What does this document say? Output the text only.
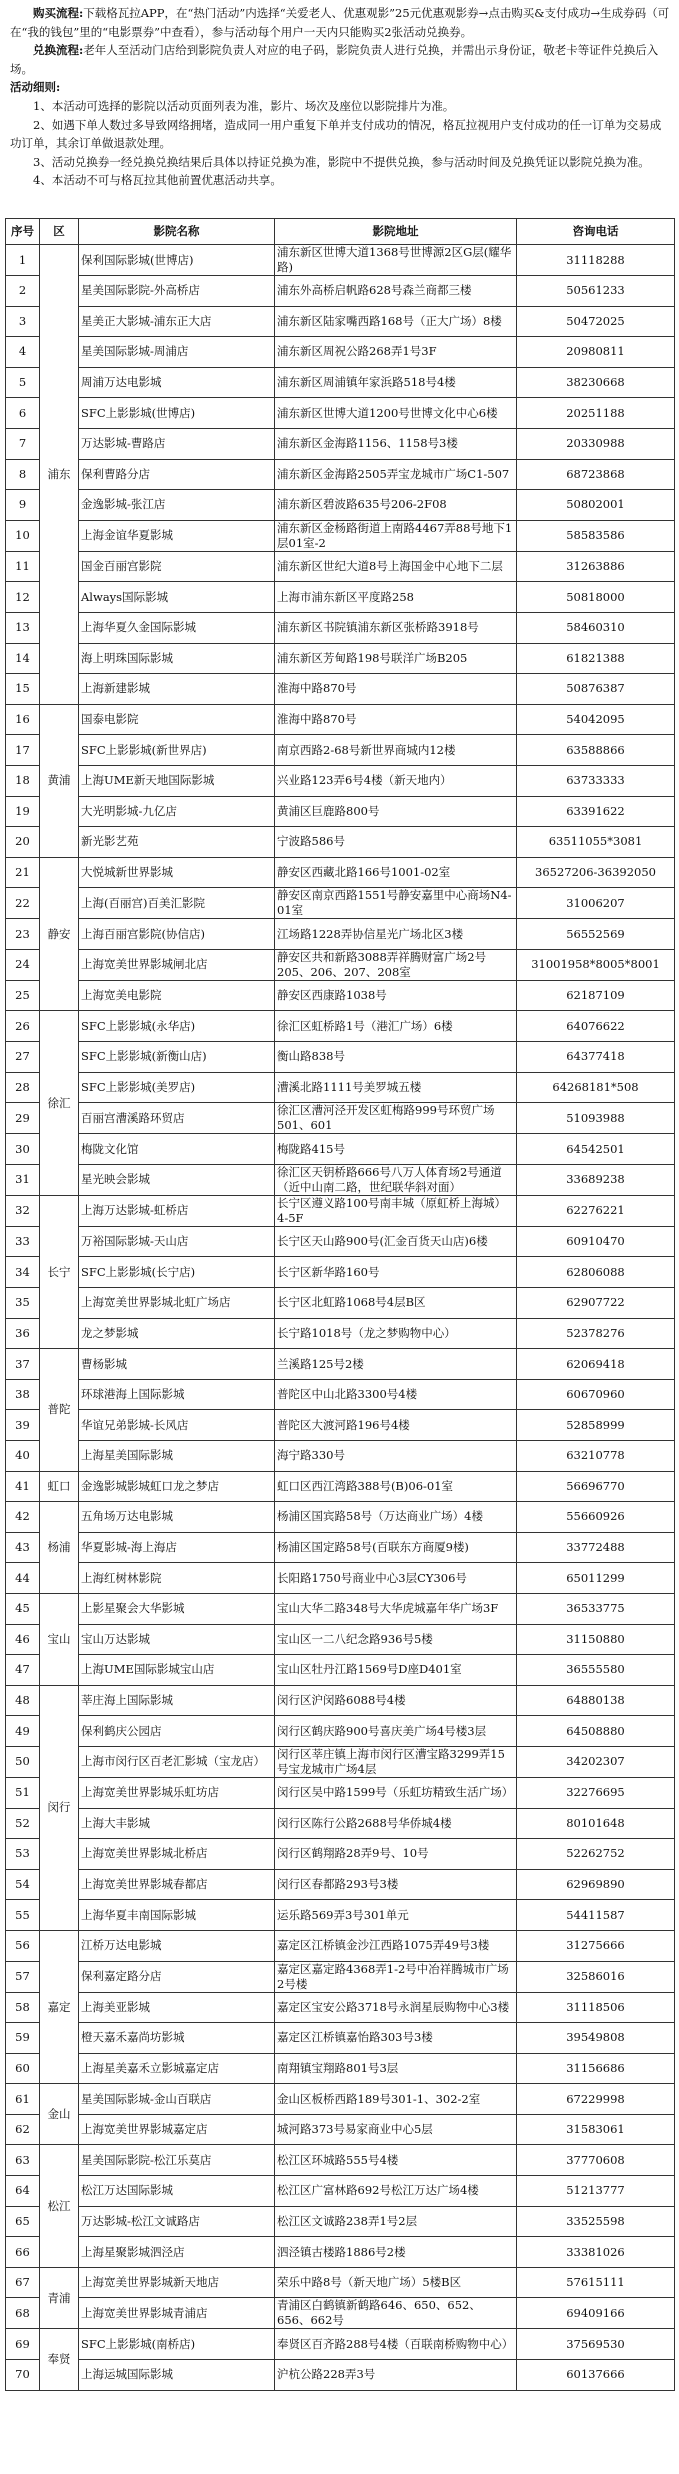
购买流程:下载格瓦拉APP，在“热门活动”内选择“关爱老人、优惠观影”25元优惠观影券→点击购买&支付成功→生成券码（可在“我的钱包”里的“电影票券”中查看），参与活动每个用户一天内只能购买2张活动兑换券。

兑换流程:老年人至活动门店给到影院负责人对应的电子码，影院负责人进行兑换，并需出示身份证，敬老卡等证件兑换后入场。

活动细则:

1、本活动可选择的影院以活动页面列表为准，影片、场次及座位以影院排片为准。

2、如遇下单人数过多导致网络拥堵，造成同一用户重复下单并支付成功的情况，格瓦拉视用户支付成功的任一订单为交易成功订单，其余订单做退款处理。

3、活动兑换券一经兑换兑换结果后具体以持证兑换为准，影院中不提供兑换，参与活动时间及兑换凭证以影院兑换为准。

4、本活动不可与格瓦拉其他前置优惠活动共享。

序号	区	影院名称	影院地址	咨询电话
1	浦东	保利国际影城(世博店)	浦东新区世博大道1368号世博源2区G层(耀华路)	31118288
2		星美国际影院-外高桥店	浦东外高桥启帆路628号森兰商都三楼	50561233
3		星美正大影城-浦东正大店	浦东新区陆家嘴西路168号（正大广场）8楼	50472025
4		星美国际影城-周浦店	浦东新区周祝公路268弄1号3F	20980811
5		周浦万达电影城	浦东新区周浦镇年家浜路518号4楼	38230668
6		SFC上影影城(世博店)	浦东新区世博大道1200号世博文化中心6楼	20251188
7		万达影城-曹路店	浦东新区金海路1156、1158号3楼	20330988
8		保利曹路分店	浦东新区金海路2505弄宝龙城市广场C1-507	68723868
9		金逸影城-张江店	浦东新区碧波路635号206-2F08	50802001
10		上海金谊华夏影城	浦东新区金杨路街道上南路4467弄88号地下1层01室-2	58583586
11		国金百丽宫影院	浦东新区世纪大道8号上海国金中心地下二层	31263886
12		Always国际影城	上海市浦东新区平度路258	50818000
13		上海华夏久金国际影城	浦东新区书院镇浦东新区张桥路3918号	58460310
14		海上明珠国际影城	浦东新区芳甸路198号联洋广场B205	61821388
15		上海新建影城	淮海中路870号	50876387
16	黄浦	国泰电影院	淮海中路870号	54042095
17		SFC上影影城(新世界店)	南京西路2-68号新世界商城内12楼	63588866
18		上海UME新天地国际影城	兴业路123弄6号4楼（新天地内）	63733333
19		大光明影城-九亿店	黄浦区巨鹿路800号	63391622
20		新光影艺苑	宁波路586号	63511055*3081
21	静安	大悦城新世界影城	静安区西藏北路166号1001-02室	36527206-36392050
22		上海(百丽宫)百美汇影院	静安区南京西路1551号静安嘉里中心商场N4-01室	31006207
23		上海百丽宫影院(协信店)	江场路1228弄协信星光广场北区3楼	56552569
24		上海宽美世界影城闸北店	静安区共和新路3088弄祥腾财富广场2号205、206、207、208室	31001958*8005*8001
25		上海宽美电影院	静安区西康路1038号	62187109
26	徐汇	SFC上影影城(永华店)	徐汇区虹桥路1号（港汇广场）6楼	64076622
27		SFC上影影城(新衡山店)	衡山路838号	64377418
28		SFC上影影城(美罗店)	漕溪北路1111号美罗城五楼	64268181*508
29		百丽宫漕溪路环贸店	徐汇区漕河泾开发区虹梅路999号环贸广场501、601	51093988
30		梅陇文化馆	梅陇路415号	64542501
31		星光映会影城	徐汇区天钥桥路666号八万人体育场2号通道（近中山南二路，世纪联华斜对面）	33689238
32	长宁	上海万达影城-虹桥店	长宁区遵义路100号南丰城（原虹桥上海城）4-5F	62276221
33		万裕国际影城-天山店	长宁区天山路900号(汇金百货天山店)6楼	60910470
34		SFC上影影城(长宁店)	长宁区新华路160号	62806088
35		上海宽美世界影城北虹广场店	长宁区北虹路1068号4层B区	62907722
36		龙之梦影城	长宁路1018号（龙之梦购物中心）	52378276
37	普陀	曹杨影城	兰溪路125号2楼	62069418
38		环球港海上国际影城	普陀区中山北路3300号4楼	60670960
39		华谊兄弟影城-长风店	普陀区大渡河路196号4楼	52858999
40		上海星美国际影城	海宁路330号	63210778
41	虹口	金逸影城影城虹口龙之梦店	虹口区西江湾路388号(B)06-01室	56696770
42	杨浦	五角场万达电影城	杨浦区国宾路58号（万达商业广场）4楼	55660926
43		华夏影城-海上海店	杨浦区国定路58号(百联东方商厦9楼)	33772488
44		上海红树林影院	长阳路1750号商业中心3层CY306号	65011299
45	宝山	上影星聚会大华影城	宝山大华二路348号大华虎城嘉年华广场3F	36533775
46		宝山万达影城	宝山区一二八纪念路936号5楼	31150880
47		上海UME国际影城宝山店	宝山区牡丹江路1569号D座D401室	36555580
48	闵行	莘庄海上国际影城	闵行区沪闵路6088号4楼	64880138
49		保利鹤庆公园店	闵行区鹤庆路900号喜庆美广场4号楼3层	64508880
50		上海市闵行区百老汇影城（宝龙店）	闵行区莘庄镇上海市闵行区漕宝路3299弄15号宝龙城市广场4层	34202307
51		上海宽美世界影城乐虹坊店	闵行区吴中路1599号（乐虹坊精致生活广场）	32276695
52		上海大丰影城	闵行区陈行公路2688号华侨城4楼	80101648
53		上海宽美世界影城北桥店	闵行区鹤翔路28弄9号、10号	52262752
54		上海宽美世界影城春都店	闵行区春都路293号3楼	62969890
55		上海华夏丰南国际影城	运乐路569弄3号301单元	54411587
56	嘉定	江桥万达电影城	嘉定区江桥镇金沙江西路1075弄49号3楼	31275666
57		保利嘉定路分店	嘉定区嘉定路4368弄1-2号中冶祥腾城市广场2号楼	32586016
58		上海美亚影城	嘉定区宝安公路3718号永润星辰购物中心3楼	31118506
59		橙天嘉禾嘉尚坊影城	嘉定区江桥镇嘉怡路303号3楼	39549808
60		上海星美嘉禾立影城嘉定店	南翔镇宝翔路801号3层	31156686
61	金山	星美国际影城-金山百联店	金山区板桥西路189号301-1、302-2室	67229998
62		上海宽美世界影城嘉定店	城河路373号易家商业中心5层	31583061
63	松江	星美国际影院-松江乐莫店	松江区环城路555号4楼	37770608
64		松江万达国际影城	松江区广富林路692号松江万达广场4楼	51213777
65		万达影城-松江文诚路店	松江区文诚路238弄1号2层	33525598
66		上海星聚影城泗泾店	泗泾镇古楼路1886号2楼	33381026
67	青浦	上海宽美世界影城新天地店	荣乐中路8号（新天地广场）5楼B区	57615111
68		上海宽美世界影城青浦店	青浦区白鹤镇新鹤路646、650、652、656、662号	69409166
69	奉贤	SFC上影影城(南桥店)	奉贤区百齐路288号4楼（百联南桥购物中心）	37569530
70		上海运城国际影城	沪杭公路228弄3号	60137666
